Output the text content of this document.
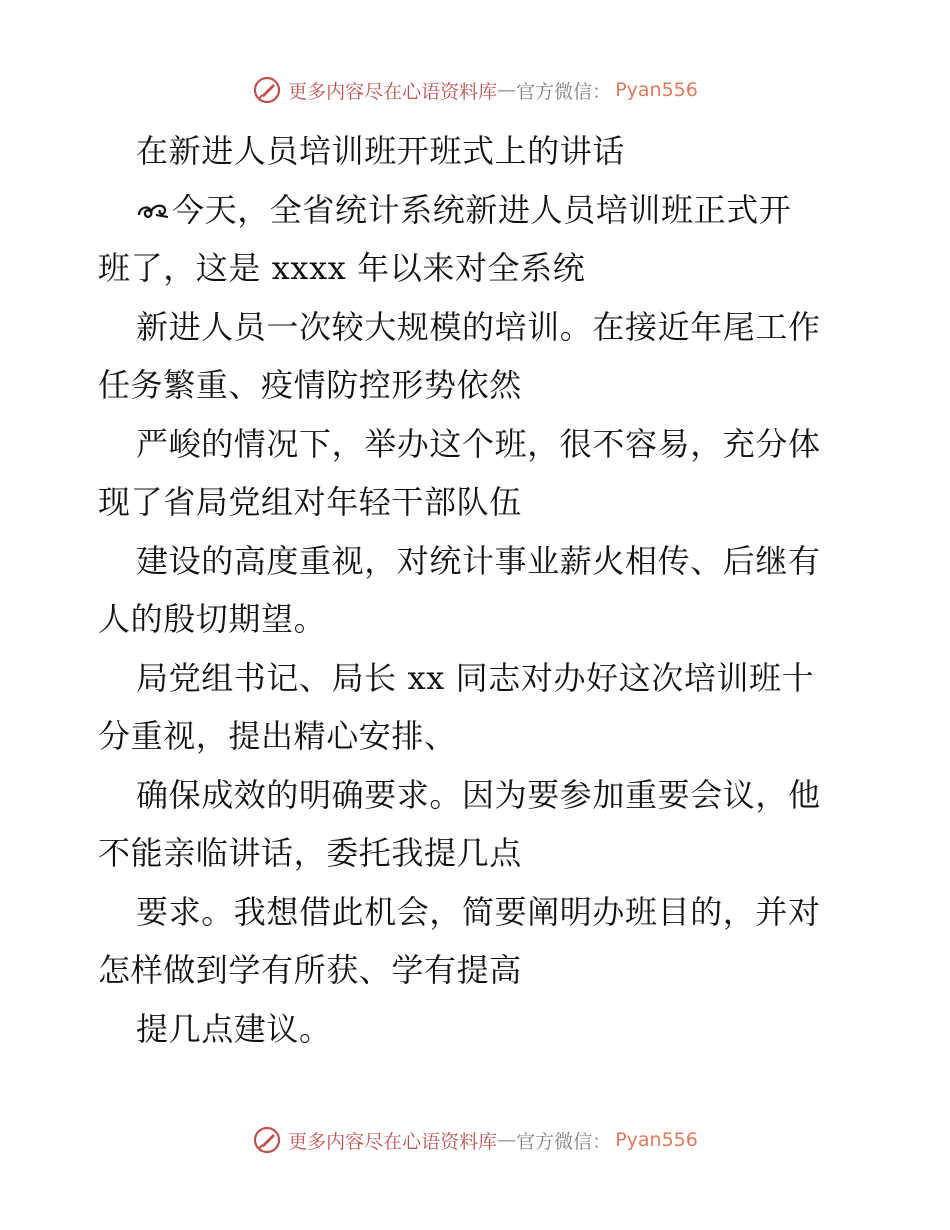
更多内容尽在心语资料库 — 官方微信： Pyan556

在新进人员培训班开班式上的讲话

今天，全省统计系统新进人员培训班正式开

班了，这是 xxxx 年以来对全系统

新进人员一次较大规模的培训。在接近年尾工作

任务繁重、疫情防控形势依然

严峻的情况下，举办这个班，很不容易，充分体

现了省局党组对年轻干部队伍

建设的高度重视，对统计事业薪火相传、后继有

人的殷切期望。

局党组书记、局长 xx 同志对办好这次培训班十

分重视，提出精心安排、

确保成效的明确要求。因为要参加重要会议，他

不能亲临讲话，委托我提几点

要求。我想借此机会，简要阐明办班目的，并对

怎样做到学有所获、学有提高

提几点建议。

更多内容尽在心语资料库 — 官方微信： Pyan556
